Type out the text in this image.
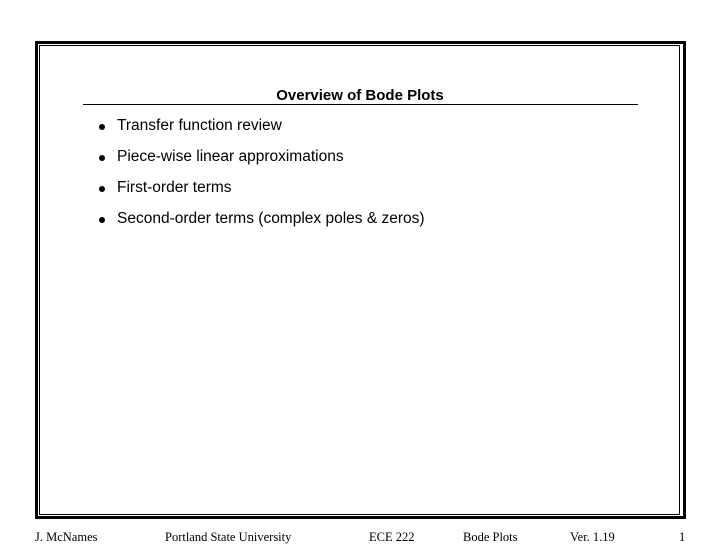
Overview of Bode Plots
Transfer function review
Piece-wise linear approximations
First-order terms
Second-order terms (complex poles & zeros)
J. McNames	Portland State University	ECE 222	Bode Plots	Ver. 1.19	1
